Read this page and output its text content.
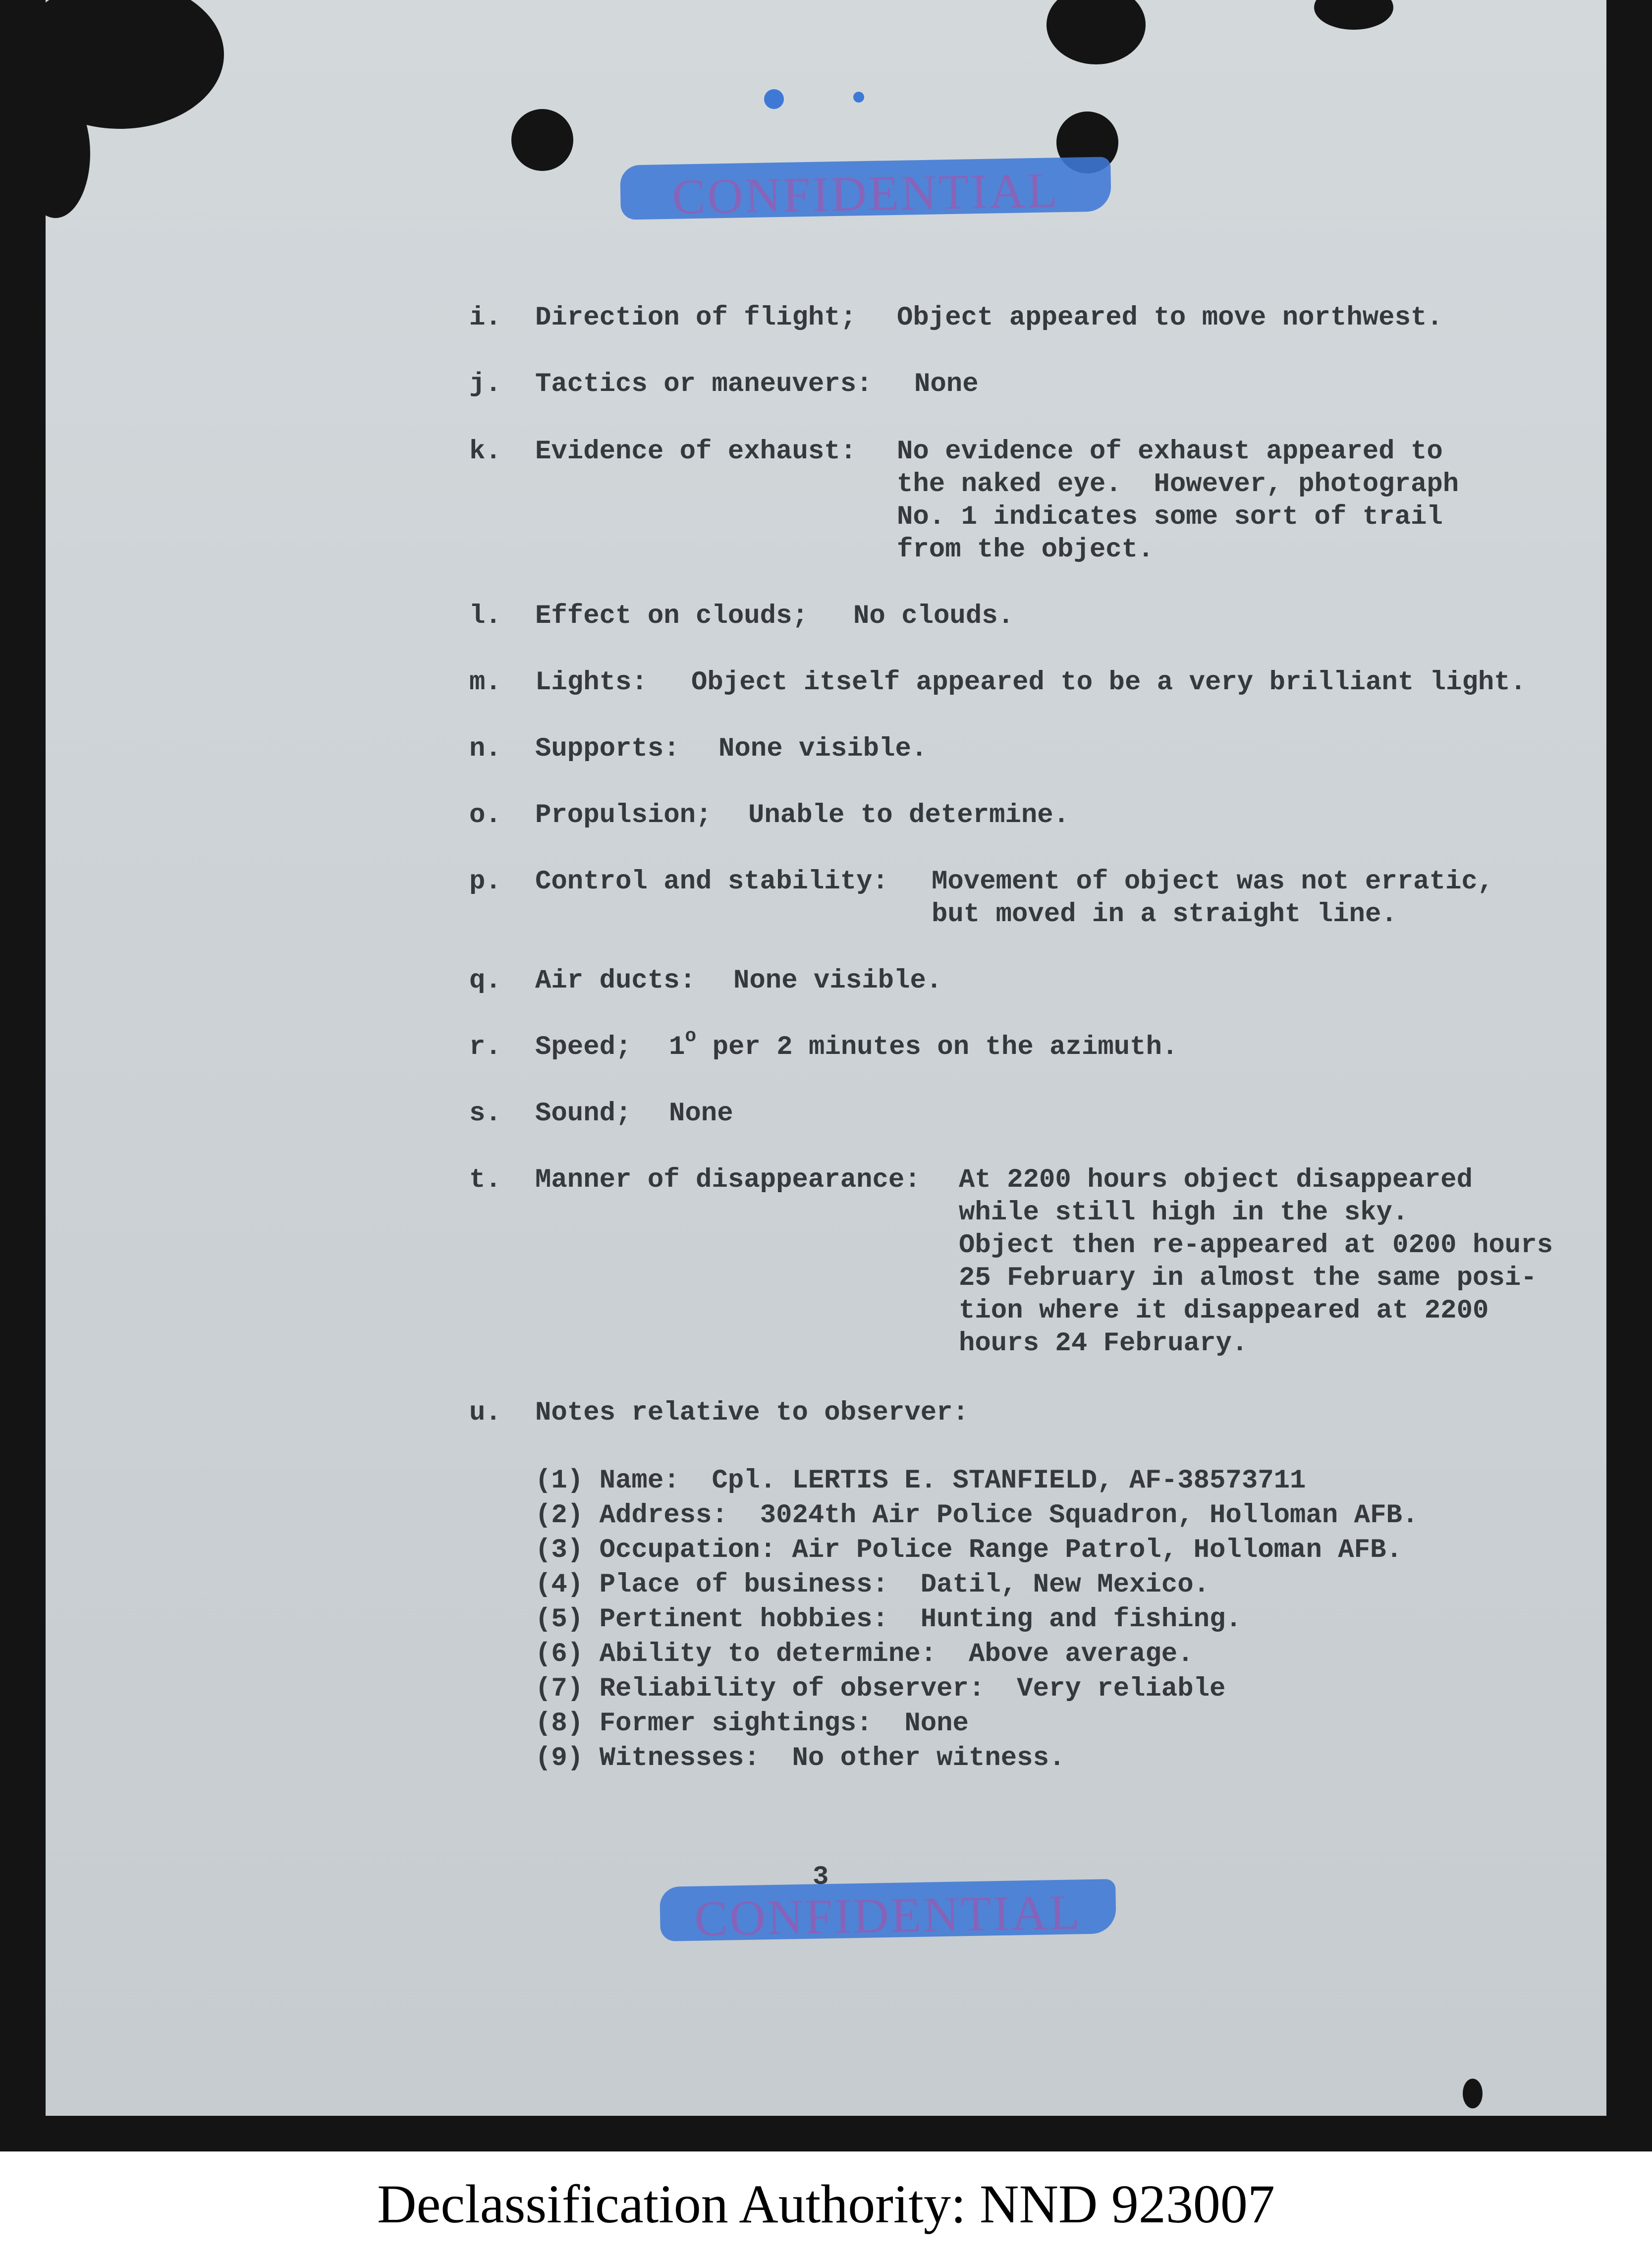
CONFIDENTIAL
i. Direction of flight; Object appeared to move northwest.
j. Tactics or maneuvers: None
k. Evidence of exhaust: No evidence of exhaust appeared to
the naked eye.  However, photograph
No. 1 indicates some sort of trail
from the object.
l. Effect on clouds; No clouds.
m. Lights: Object itself appeared to be a very brilliant light.
n. Supports: None visible.
o. Propulsion; Unable to determine.
p. Control and stability: Movement of object was not erratic,
but moved in a straight line.
q. Air ducts: None visible.
r. Speed; 1$^o$ per 2 minutes on the azimuth.
s. Sound; None
t. Manner of disappearance: At 2200 hours object disappeared
while still high in the sky.
Object then re-appeared at 0200 hours
25 February in almost the same posi-
tion where it disappeared at 2200
hours 24 February.
u. Notes relative to observer:
(1) Name:  Cpl. LERTIS E. STANFIELD, AF-38573711
(2) Address:  3024th Air Police Squadron, Holloman AFB.
(3) Occupation: Air Police Range Patrol, Holloman AFB.
(4) Place of business:  Datil, New Mexico.
(5) Pertinent hobbies:  Hunting and fishing.
(6) Ability to determine:  Above average.
(7) Reliability of observer:  Very reliable
(8) Former sightings:  None
(9) Witnesses:  No other witness.
CONFIDENTIAL
3
Declassification Authority: NND 923007
